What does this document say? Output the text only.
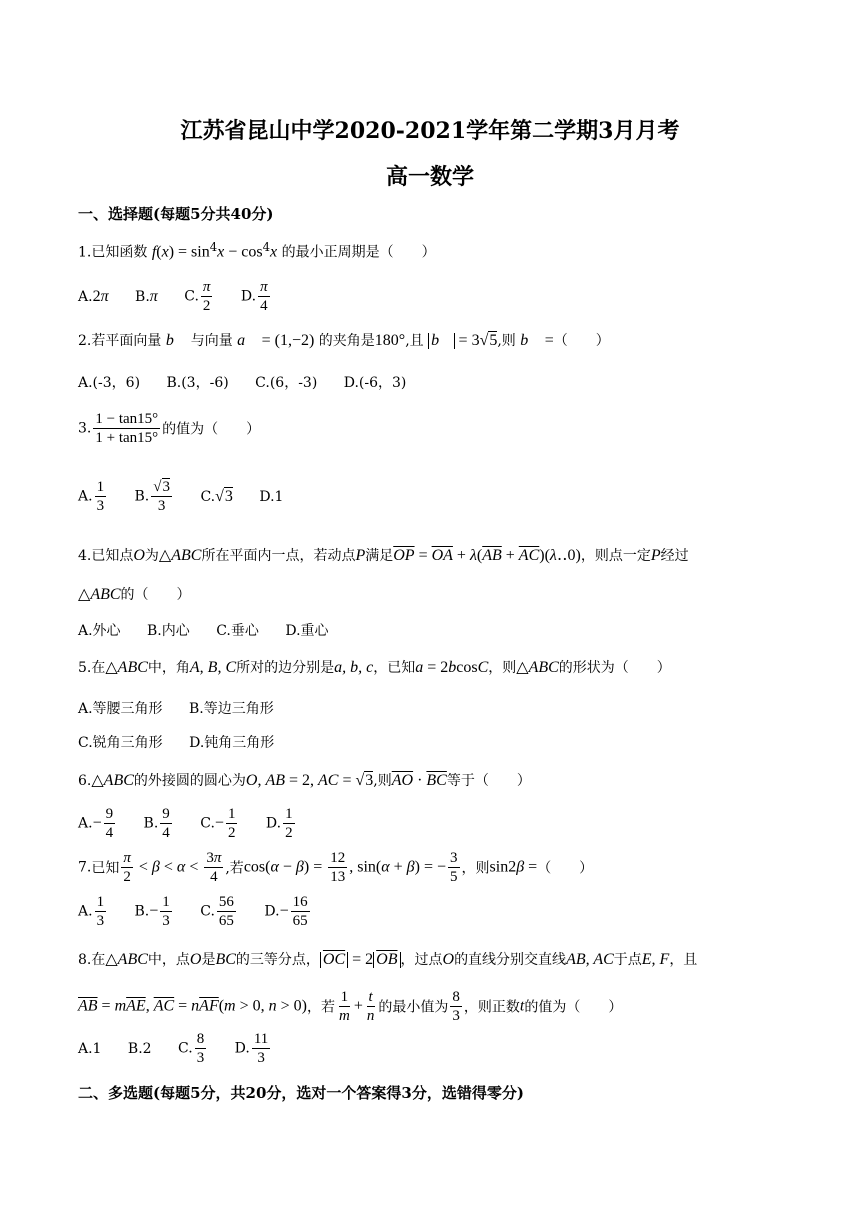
江苏省昆山中学2020-2021学年第二学期3月月考
高一数学
一、选择题(每题5分共40分)
1.已知函数 $f(x) = \sin^4x - \cos^4x$ 的最小正周期是（　　）
A.2π B.π C. $\frac{\pi}{2} D$. $\frac{\pi}{4}$
2.若平面向量 b⃗ 与向量 a⃗ = (1,−2) 的夹角是180°,且 b⃗ = 3√5,则 b⃗ =（　　）
A.(-3，6) B.(3，-6) C.(6，-3) D.(-6，3)
3. $\frac{1 - \tan 15^\circ}{1 + \tan 15^\circ}$ 的值为（　　）
A. $\frac{1}{3} B$. $\frac{√3}{3} C.√3$ D.1
4.已知点O为△ABC所在平面内一点，若动点P满足$\overline{OP} = \overline{OA} + \lambda(\overline{AB}$ + $\overline{AC})(\lambda‥0)$，则点一定P经过
△ABC的（　　）
A.外心 B.内心 C.垂心 D.重心
5.在△ABC中，角A, B, C所对的边分别是a, b, c，已知a = 2bcosC，则△ABC的形状为（　　）
A.等腰三角形 B.等边三角形
C.锐角三角形 D.钝角三角形
6.△ABC的外接圆的圆心为O, AB = 2, AC = √3,则$\overline{AO} \cdot \overline{BC}$等于（　　）
$A.- \frac{9}{4} B$. $\frac{9}{4} C.- \frac{1}{2} D$. $\frac{1}{2}$
7.已知 $\frac{\pi}{2} < \beta < \alpha < \frac{3\pi}{4}$ ,若$\cos(\alpha - \beta) = \frac{12}{13}$ , sin(α + β) = − $\frac{3}{5}$ ，则sin2β =（　　）
A. $\frac{1}{3} B.- \frac{1}{3} C$. $\frac{56}{65} D.- \frac{16}{65}$
8.在△ABC中，点O是BC的三等分点， $\overline{OC} = 2$ $\overline{OB}$ ，过点O的直线分别交直线AB, AC于点E, F，且
$\overline{AB} = m\overline{AE}$, $\overline{AC} = n\overline{AF}(m > 0$, n > 0)，若 $\frac{1}{m} + \frac{t}{n}$ 的最小值为 $\frac{8}{3}$ ，则正数t的值为（　　）
A.1 B.2 C. $\frac{8}{3} D$. $\frac{11}{3}$
二、多选题(每题5分，共20分，选对一个答案得3分，选错得零分)
